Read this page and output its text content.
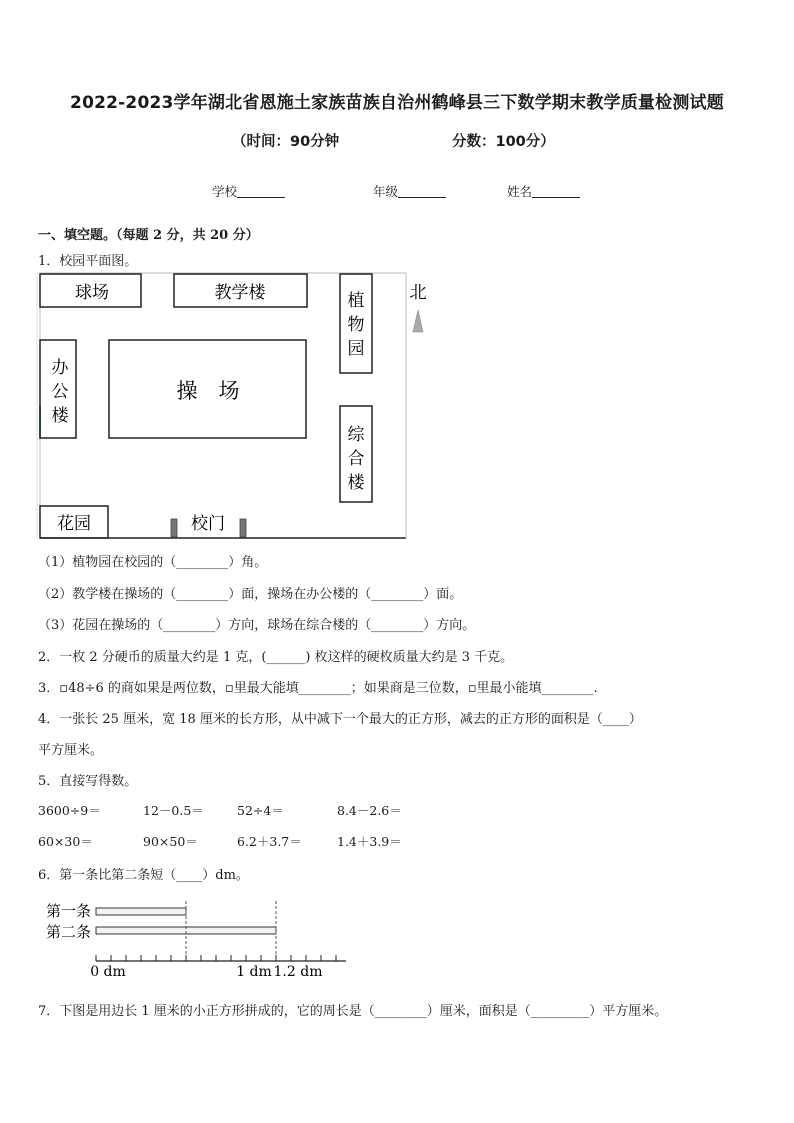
2022-2023学年湖北省恩施土家族苗族自治州鹤峰县三下数学期末教学质量检测试题
（时间：90分钟	分数：100分）
学校	年级	姓名
一、填空题。（每题 2 分，共 20 分）
1．校园平面图。
球场	教学楼	植
物
园
北
办
公
楼
操　场
综
合
楼
花园	校门
（1）植物园在校园的（________）角。
（2）教学楼在操场的（________）面，操场在办公楼的（________）面。
（3）花园在操场的（________）方向，球场在综合楼的（________）方向。
2．一枚 2 分硬币的质量大约是 1 克，(______) 枚这样的硬枚质量大约是 3 千克。
3．▫48÷6 的商如果是两位数，▫里最大能填________；如果商是三位数，▫里最小能填________.
4．一张长 25 厘米，宽 18 厘米的长方形，从中减下一个最大的正方形，减去的正方形的面积是（____）
平方厘米。
5．直接写得数。
3600÷9＝	12－0.5＝	52÷4＝	8.4－2.6＝
60×30＝	90×50＝	6.2＋3.7＝	1.4＋3.9＝
6．第一条比第二条短（____）dm。
第一条
第二条
0 dm	1 dm 1.2 dm
7．下图是用边长 1 厘米的小正方形拼成的，它的周长是（________）厘米，面积是（_________）平方厘米。
